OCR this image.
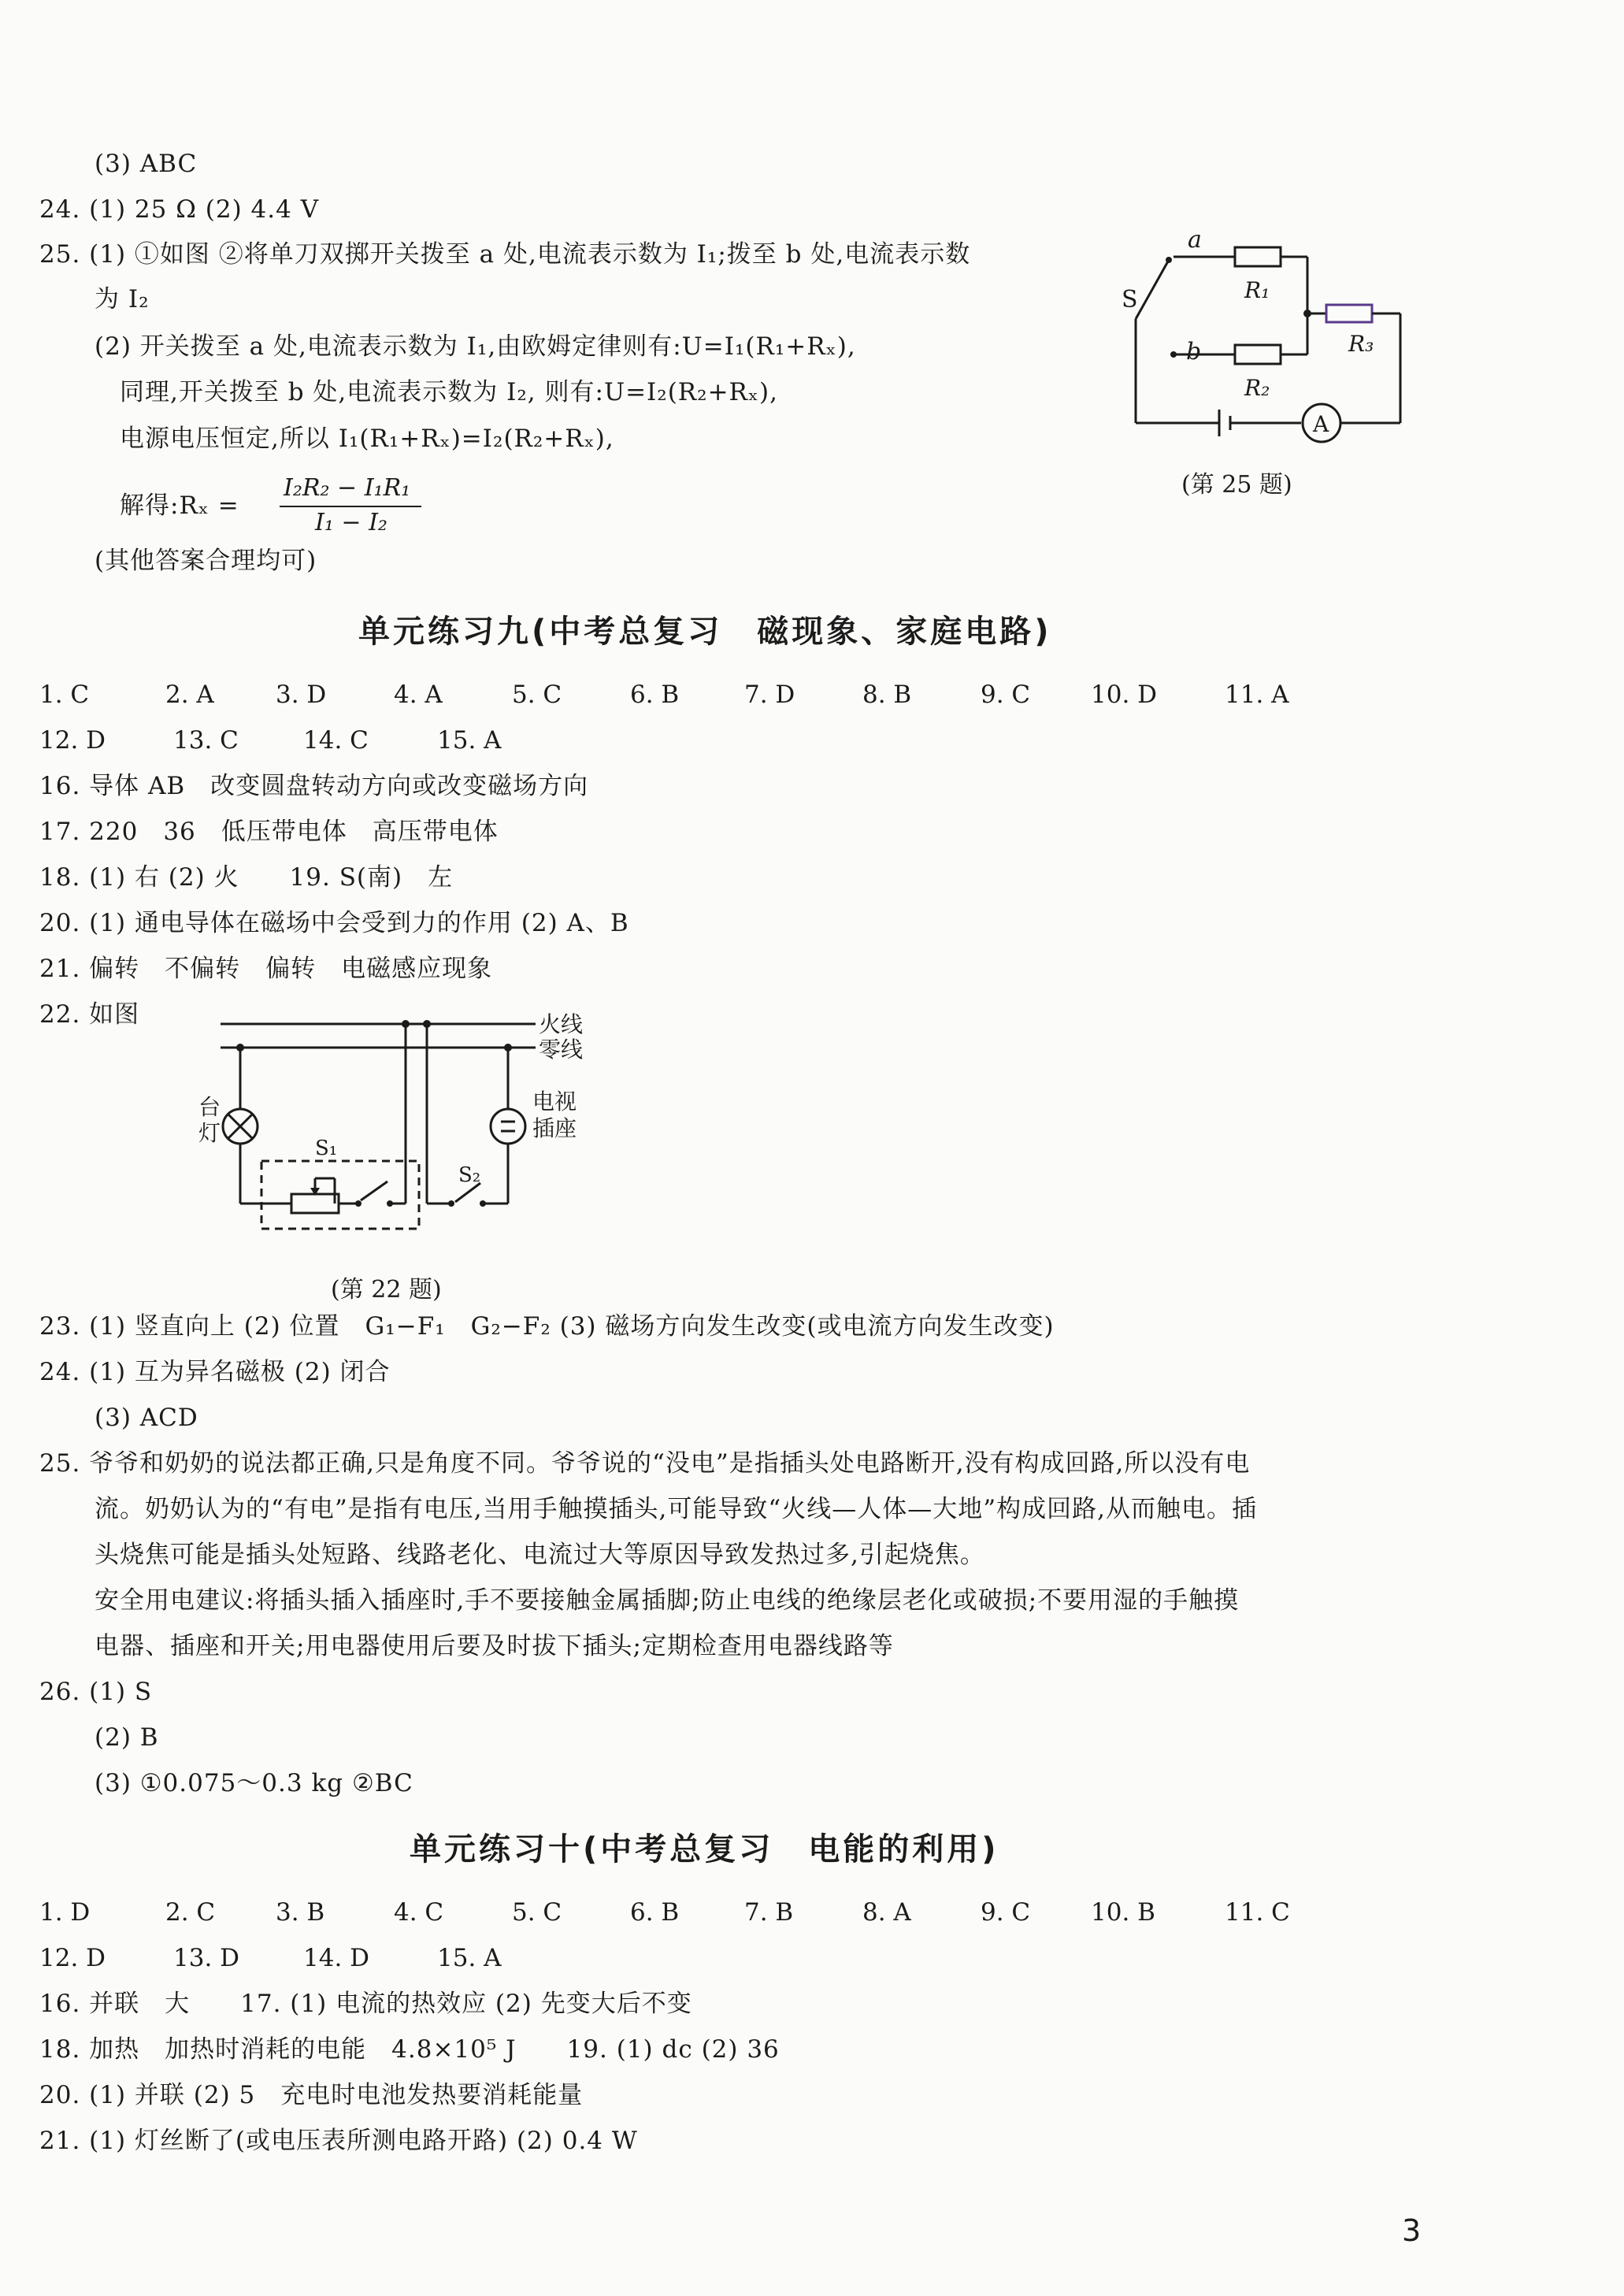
(3) ABC
24. (1) 25 Ω (2) 4.4 V
25. (1) ①如图 ②将单刀双掷开关拨至 a 处,电流表示数为 I₁;拨至 b 处,电流表示数
为 I₂
(2) 开关拨至 a 处,电流表示数为 I₁,由欧姆定律则有:U=I₁(R₁+Rₓ),
同理,开关拨至 b 处,电流表示数为 I₂, 则有:U=I₂(R₂+Rₓ),
电源电压恒定,所以 I₁(R₁+Rₓ)=I₂(R₂+Rₓ),
解得:Rₓ =
I₂R₂ − I₁R₁
I₁ − I₂
(其他答案合理均可)
a
S
b
R₁
R₂
R₃
A
(第 25 题)
单元练习九(中考总复习　磁现象、家庭电路)
1. C	2. A	3. D	4. A	5. C	6. B	7. D	8. B	9. C 10. D	11. A
12. D	13. C	14. C	15. A
16. 导体 AB　改变圆盘转动方向或改变磁场方向
17. 220　36　低压带电体　高压带电体
18. (1) 右 (2) 火　　19. S(南)　左
20. (1) 通电导体在磁场中会受到力的作用 (2) A、B
21. 偏转　不偏转　偏转　电磁感应现象
22. 如图	火线
零线
电视
插座
台
灯
S₁
S₂
(第 22 题)
23. (1) 竖直向上 (2) 位置　G₁−F₁　G₂−F₂ (3) 磁场方向发生改变(或电流方向发生改变)
24. (1) 互为异名磁极 (2) 闭合
(3) ACD
25. 爷爷和奶奶的说法都正确,只是角度不同。爷爷说的“没电”是指插头处电路断开,没有构成回路,所以没有电
流。奶奶认为的“有电”是指有电压,当用手触摸插头,可能导致“火线—人体—大地”构成回路,从而触电。插
头烧焦可能是插头处短路、线路老化、电流过大等原因导致发热过多,引起烧焦。
安全用电建议:将插头插入插座时,手不要接触金属插脚;防止电线的绝缘层老化或破损;不要用湿的手触摸
电器、插座和开关;用电器使用后要及时拔下插头;定期检查用电器线路等
26. (1) S
(2) B
(3) ①0.075～0.3 kg ②BC
单元练习十(中考总复习　电能的利用)
1. D	2. C 3. B	4. C	5. C	6. B	7. B	8. A	9. C 10. B	11. C
12. D	13. D	14. D	15. A
16. 并联　大　　17. (1) 电流的热效应 (2) 先变大后不变
18. 加热　加热时消耗的电能　4.8×10⁵ J　　19. (1) dc (2) 36
20. (1) 并联 (2) 5　充电时电池发热要消耗能量
21. (1) 灯丝断了(或电压表所测电路开路) (2) 0.4 W
3
